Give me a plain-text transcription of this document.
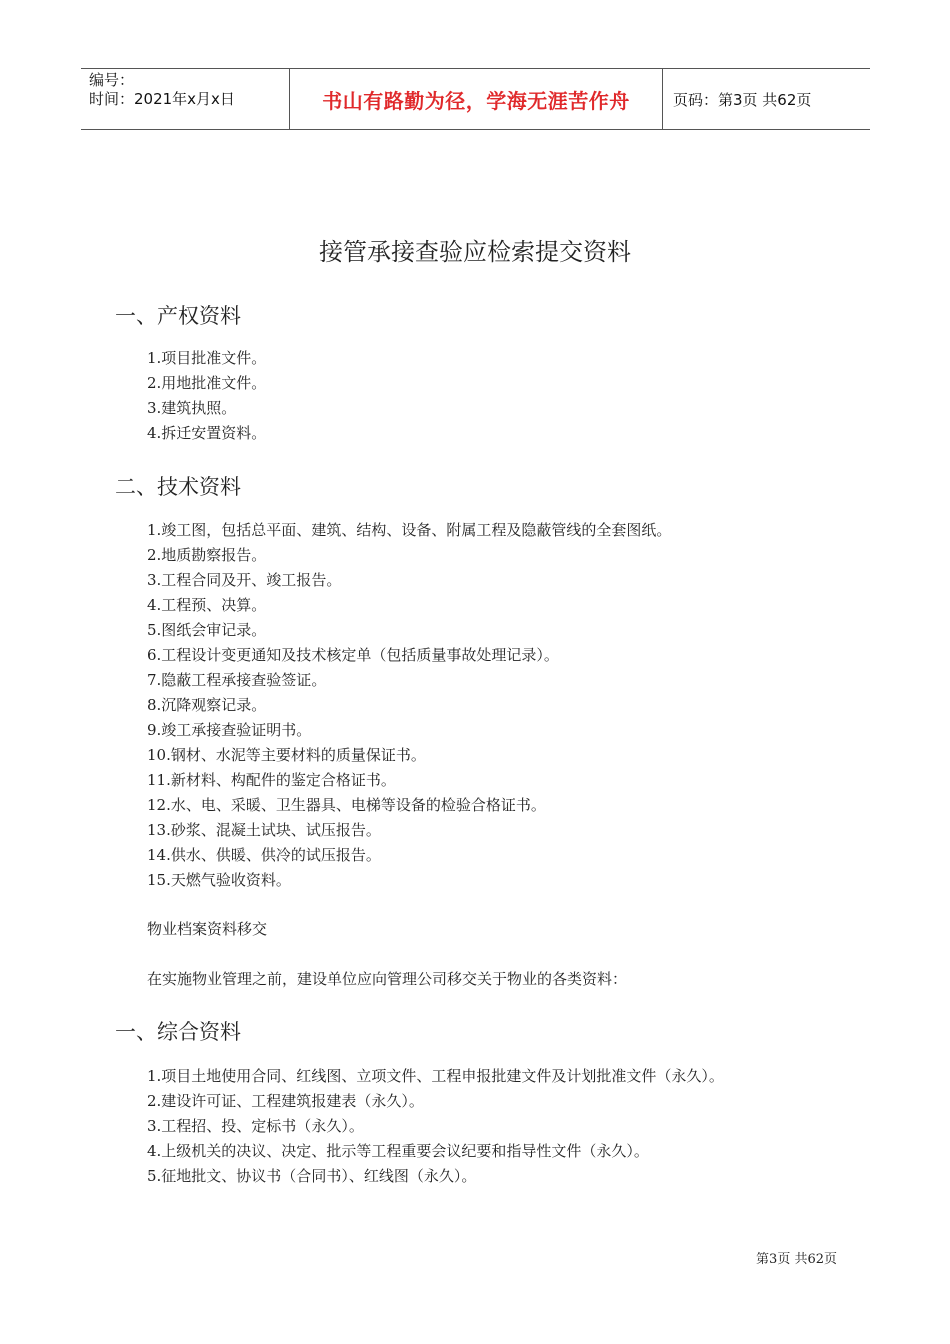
编号：
时间：2021年x月x日	书山有路勤为径，学海无涯苦作舟	页码：第3页 共62页
接管承接查验应检索提交资料
一、产权资料
1.项目批准文件。
2.用地批准文件。
3.建筑执照。
4.拆迁安置资料。
二、技术资料
1.竣工图，包括总平面、建筑、结构、设备、附属工程及隐蔽管线的全套图纸。
2.地质勘察报告。
3.工程合同及开、竣工报告。
4.工程预、决算。
5.图纸会审记录。
6.工程设计变更通知及技术核定单（包括质量事故处理记录）。
7.隐蔽工程承接查验签证。
8.沉降观察记录。
9.竣工承接查验证明书。
10.钢材、水泥等主要材料的质量保证书。
11.新材料、构配件的鉴定合格证书。
12.水、电、采暖、卫生器具、电梯等设备的检验合格证书。
13.砂浆、混凝土试块、试压报告。
14.供水、供暖、供冷的试压报告。
15.天燃气验收资料。
物业档案资料移交
在实施物业管理之前，建设单位应向管理公司移交关于物业的各类资料：
一、综合资料
1.项目土地使用合同、红线图、立项文件、工程申报批建文件及计划批准文件（永久）。
2.建设许可证、工程建筑报建表（永久）。
3.工程招、投、定标书（永久）。
4.上级机关的决议、决定、批示等工程重要会议纪要和指导性文件（永久）。
5.征地批文、协议书（合同书）、红线图（永久）。
第3页 共62页
